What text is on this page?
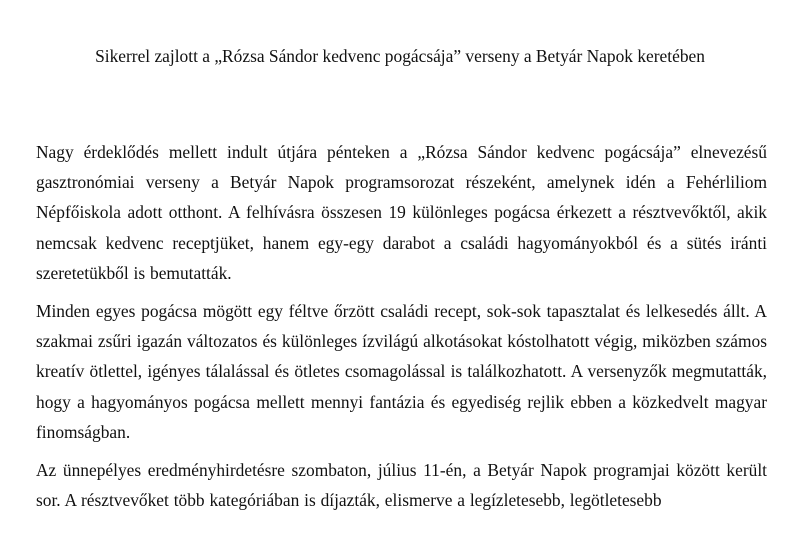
Sikerrel zajlott a „Rózsa Sándor kedvenc pogácsája” verseny a Betyár Napok keretében

Nagy érdeklődés mellett indult útjára pénteken a „Rózsa Sándor kedvenc pogácsája” elnevezésű gasztronómiai verseny a Betyár Napok programsorozat részeként, amelynek idén a Fehérliliom Népfőiskola adott otthont. A felhívásra összesen 19 különleges pogácsa érkezett a résztvevőktől, akik nemcsak kedvenc receptjüket, hanem egy-egy darabot a családi hagyományokból és a sütés iránti szeretetükből is bemutatták.

Minden egyes pogácsa mögött egy féltve őrzött családi recept, sok-sok tapasztalat és lelkesedés állt. A szakmai zsűri igazán változatos és különleges ízvilágú alkotásokat kóstolhatott végig, miközben számos kreatív ötlettel, igényes tálalással és ötletes csomagolással is találkozhatott. A versenyzők megmutatták, hogy a hagyományos pogácsa mellett mennyi fantázia és egyediség rejlik ebben a közkedvelt magyar finomságban.

Az ünnepélyes eredményhirdetésre szombaton, július 11-én, a Betyár Napok programjai között került sor. A résztvevőket több kategóriában is díjazták, elismerve a legízletesebb, legötletesebb
